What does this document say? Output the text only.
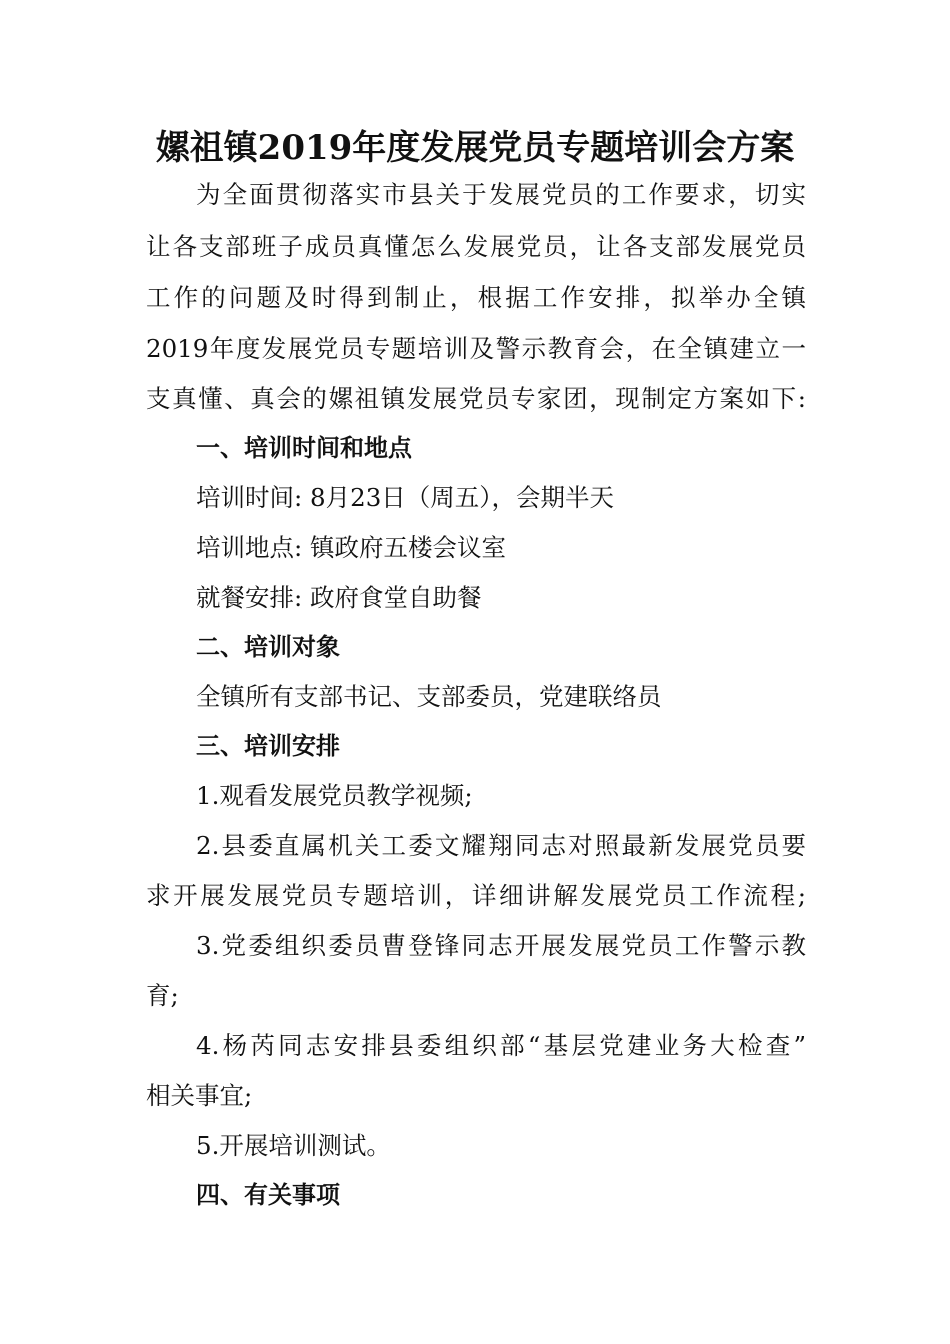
嫘祖镇2019年度发展党员专题培训会方案
为全面贯彻落实市县关于发展党员的工作要求，切实
让各支部班子成员真懂怎么发展党员，让各支部发展党员
工作的问题及时得到制止，根据工作安排，拟举办全镇
2019年度发展党员专题培训及警示教育会，在全镇建立一
支真懂、真会的嫘祖镇发展党员专家团，现制定方案如下:
一、培训时间和地点
培训时间: 8月23日（周五），会期半天
培训地点: 镇政府五楼会议室
就餐安排: 政府食堂自助餐
二、培训对象
全镇所有支部书记、支部委员，党建联络员
三、培训安排
1.观看发展党员教学视频;
2.县委直属机关工委文耀翔同志对照最新发展党员要
求开展发展党员专题培训，详细讲解发展党员工作流程;
3.党委组织委员曹登锋同志开展发展党员工作警示教
育;
4.杨芮同志安排县委组织部“基层党建业务大检查”
相关事宜;
5.开展培训测试。
四、有关事项
